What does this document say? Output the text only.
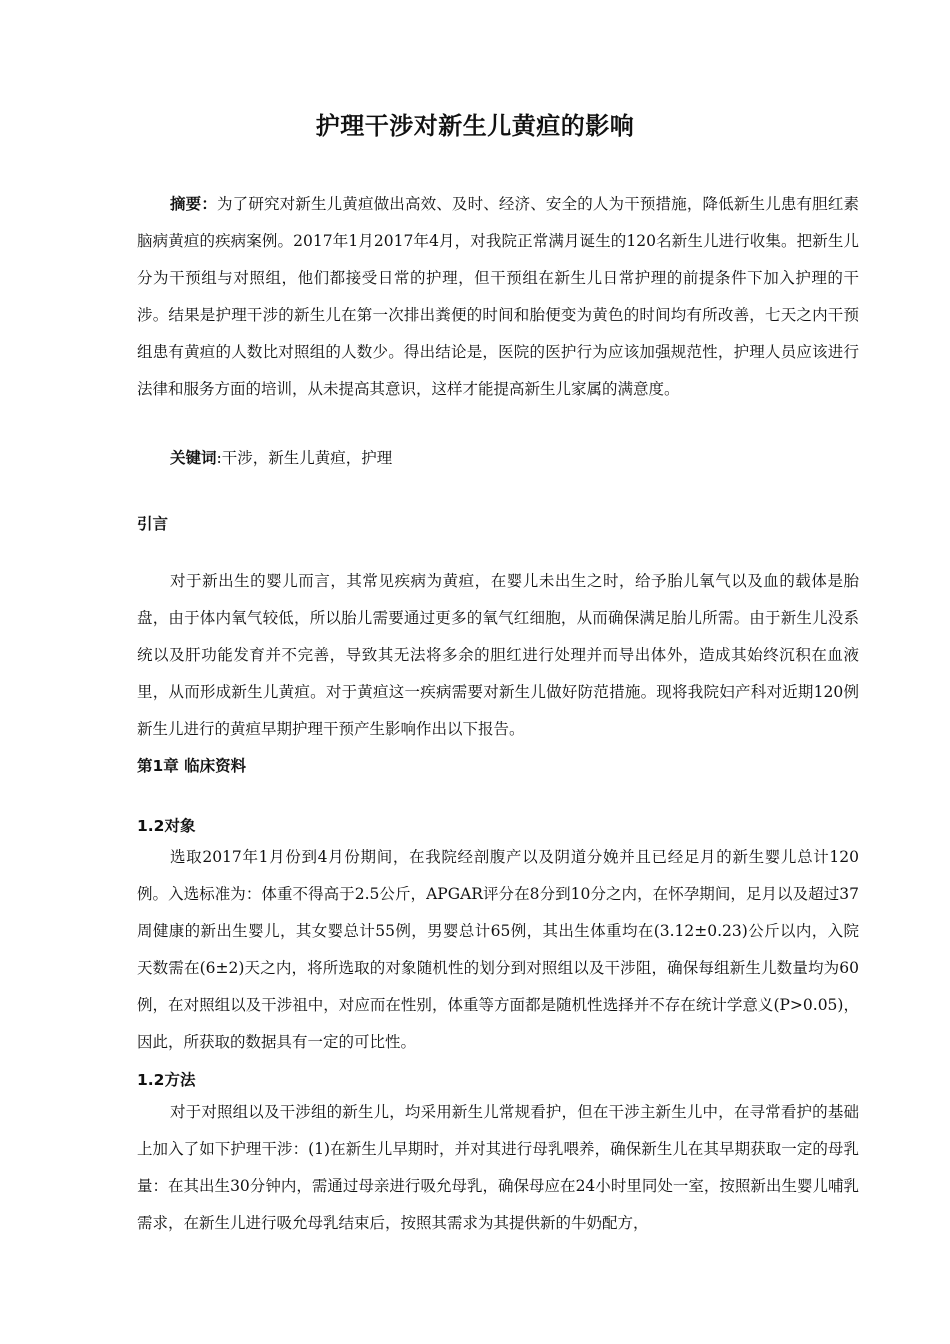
护理干涉对新生儿黄疸的影响

摘要：为了研究对新生儿黄疸做出高效、及时、经济、安全的人为干预措施，降低新生儿患有胆红素脑病黄疸的疾病案例。2017年1月2017年4月，对我院正常满月诞生的120名新生儿进行收集。把新生儿分为干预组与对照组，他们都接受日常的护理，但干预组在新生儿日常护理的前提条件下加入护理的干涉。结果是护理干涉的新生儿在第一次排出粪便的时间和胎便变为黄色的时间均有所改善，七天之内干预组患有黄疸的人数比对照组的人数少。得出结论是，医院的医护行为应该加强规范性，护理人员应该进行法律和服务方面的培训，从未提高其意识，这样才能提高新生儿家属的满意度。

关键词:干涉，新生儿黄疸，护理

引言

对于新出生的婴儿而言，其常见疾病为黄疸，在婴儿未出生之时，给予胎儿氧气以及血的载体是胎盘，由于体内氧气较低，所以胎儿需要通过更多的氧气红细胞，从而确保满足胎儿所需。由于新生儿没系统以及肝功能发育并不完善，导致其无法将多余的胆红进行处理并而导出体外，造成其始终沉积在血液里，从而形成新生儿黄疸。对于黄疸这一疾病需要对新生儿做好防范措施。现将我院妇产科对近期120例新生儿进行的黄疸早期护理干预产生影响作出以下报告。

第1章 临床资料
1.2对象

选取2017年1月份到4月份期间，在我院经剖腹产以及阴道分娩并且已经足月的新生婴儿总计120例。入选标准为：体重不得高于2.5公斤，APGAR评分在8分到10分之内，在怀孕期间，足月以及超过37周健康的新出生婴儿，其女婴总计55例，男婴总计65例，其出生体重均在(3.12±0.23)公斤以内，入院天数需在(6±2)天之内，将所选取的对象随机性的划分到对照组以及干涉阻，确保每组新生儿数量均为60例，在对照组以及干涉祖中，对应而在性别，体重等方面都是随机性选择并不存在统计学意义(P>0.05)，因此，所获取的数据具有一定的可比性。

1.2方法

对于对照组以及干涉组的新生儿，均采用新生儿常规看护，但在干涉主新生儿中，在寻常看护的基础上加入了如下护理干涉：(1)在新生儿早期时，并对其进行母乳喂养，确保新生儿在其早期获取一定的母乳量：在其出生30分钟内，需通过母亲进行吸允母乳，确保母应在24小时里同处一室，按照新出生婴儿哺乳需求，在新生儿进行吸允母乳结束后，按照其需求为其提供新的牛奶配方，
